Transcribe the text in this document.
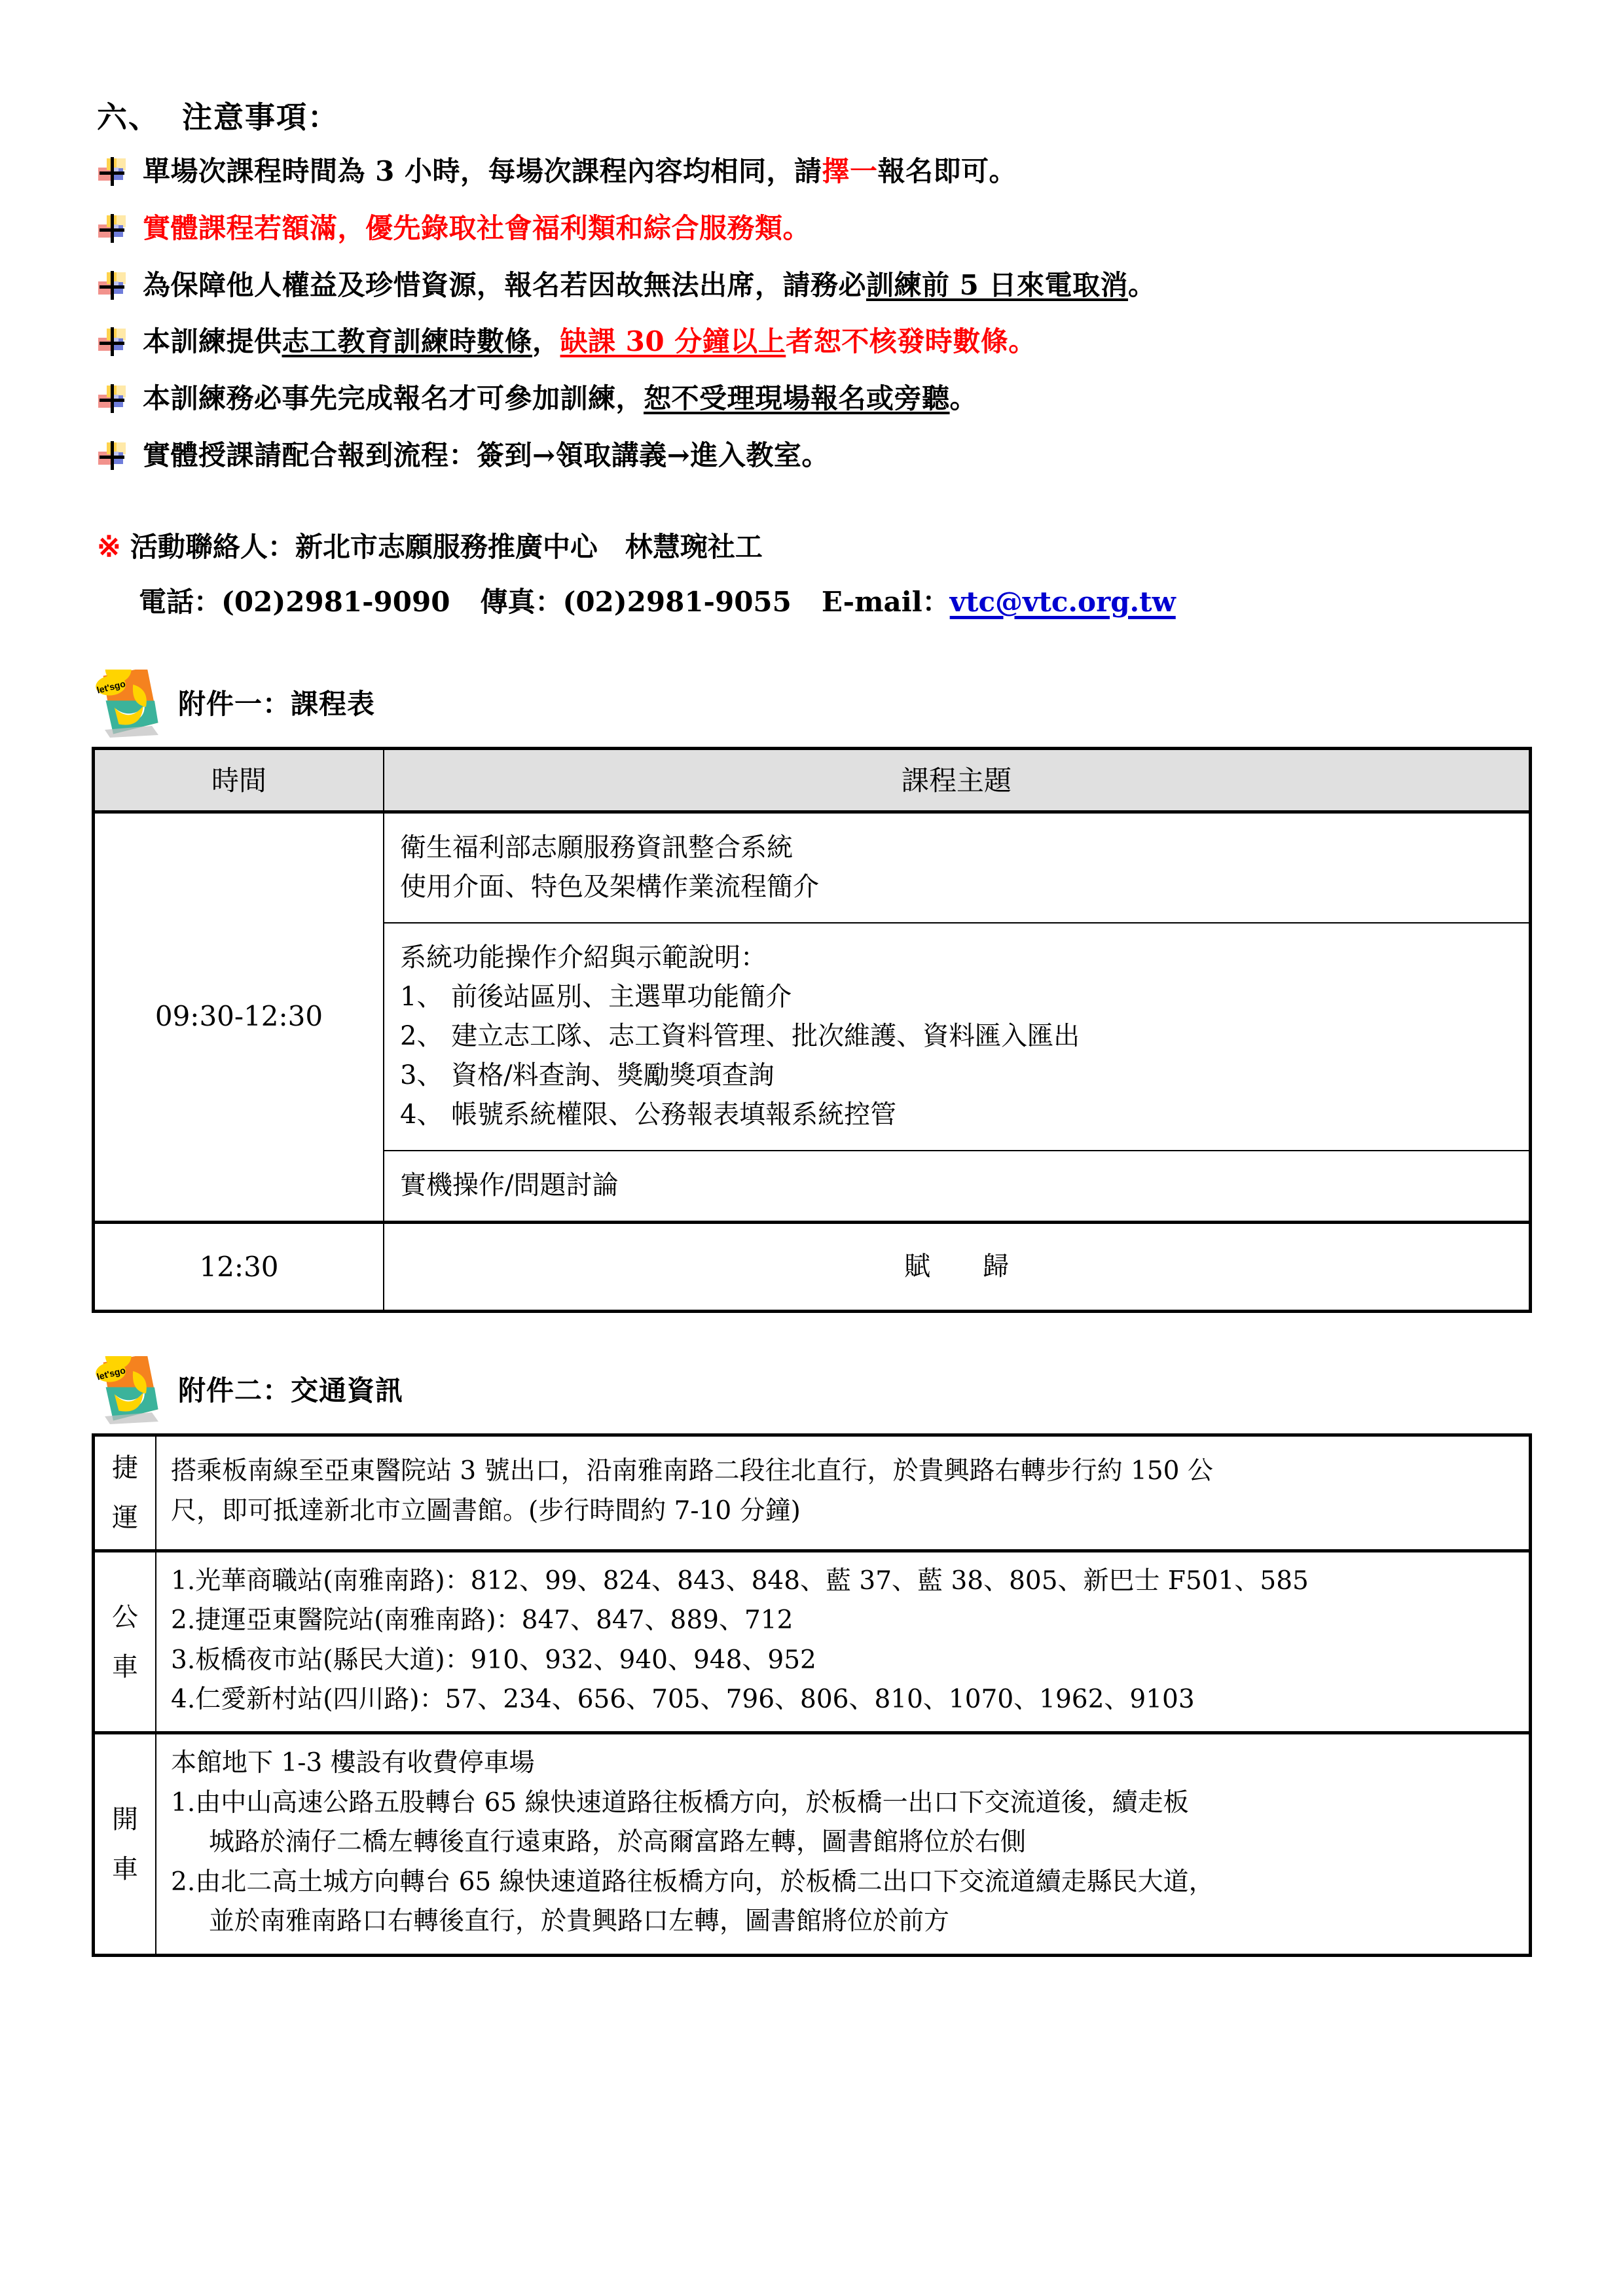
六、 注意事項：
單場次課程時間為 3 小時，每場次課程內容均相同，請擇一報名即可。
實體課程若額滿，優先錄取社會福利類和綜合服務類。
為保障他人權益及珍惜資源，報名若因故無法出席，請務必訓練前 5 日來電取消。
本訓練提供志工教育訓練時數條，缺課 30 分鐘以上者恕不核發時數條。
本訓練務必事先完成報名才可參加訓練，恕不受理現場報名或旁聽。
實體授課請配合報到流程：簽到→領取講義→進入教室。
※ 活動聯絡人：新北市志願服務推廣中心　林慧琬社工
電話：(02)2981-9090 傳真：(02)2981-9055 E-mail：vtc@vtc.org.tw
let'sgo
附件一：課程表
時間	課程主題
09:30-12:30	衛生福利部志願服務資訊整合系統
使用介面、特色及架構作業流程簡介

	系統功能操作介紹與示範說明：
1、 前後站區別、主選單功能簡介
2、 建立志工隊、志工資料管理、批次維護、資料匯入匯出
3、 資格/料查詢、獎勵獎項查詢
4、 帳號系統權限、公務報表填報系統控管

	實機操作/問題討論

12:30	賦　　歸
let'sgo
附件二：交通資訊
捷
運	搭乘板南線至亞東醫院站 3 號出口，沿南雅南路二段往北直行，於貴興路右轉步行約 150 公
尺，即可抵達新北市立圖書館。(步行時間約 7-10 分鐘)

公
車	1.光華商職站(南雅南路)：812、99、824、843、848、藍 37、藍 38、805、新巴士 F501、585
2.捷運亞東醫院站(南雅南路)：847、847、889、712
3.板橋夜市站(縣民大道)：910、932、940、948、952
4.仁愛新村站(四川路)：57、234、656、705、796、806、810、1070、1962、9103

開
車	本館地下 1-3 樓設有收費停車場
1.由中山高速公路五股轉台 65 線快速道路往板橋方向，於板橋一出口下交流道後，續走板
城路於湳仔二橋左轉後直行遠東路，於高爾富路左轉，圖書館將位於右側
2.由北二高土城方向轉台 65 線快速道路往板橋方向，於板橋二出口下交流道續走縣民大道，
並於南雅南路口右轉後直行，於貴興路口左轉，圖書館將位於前方
